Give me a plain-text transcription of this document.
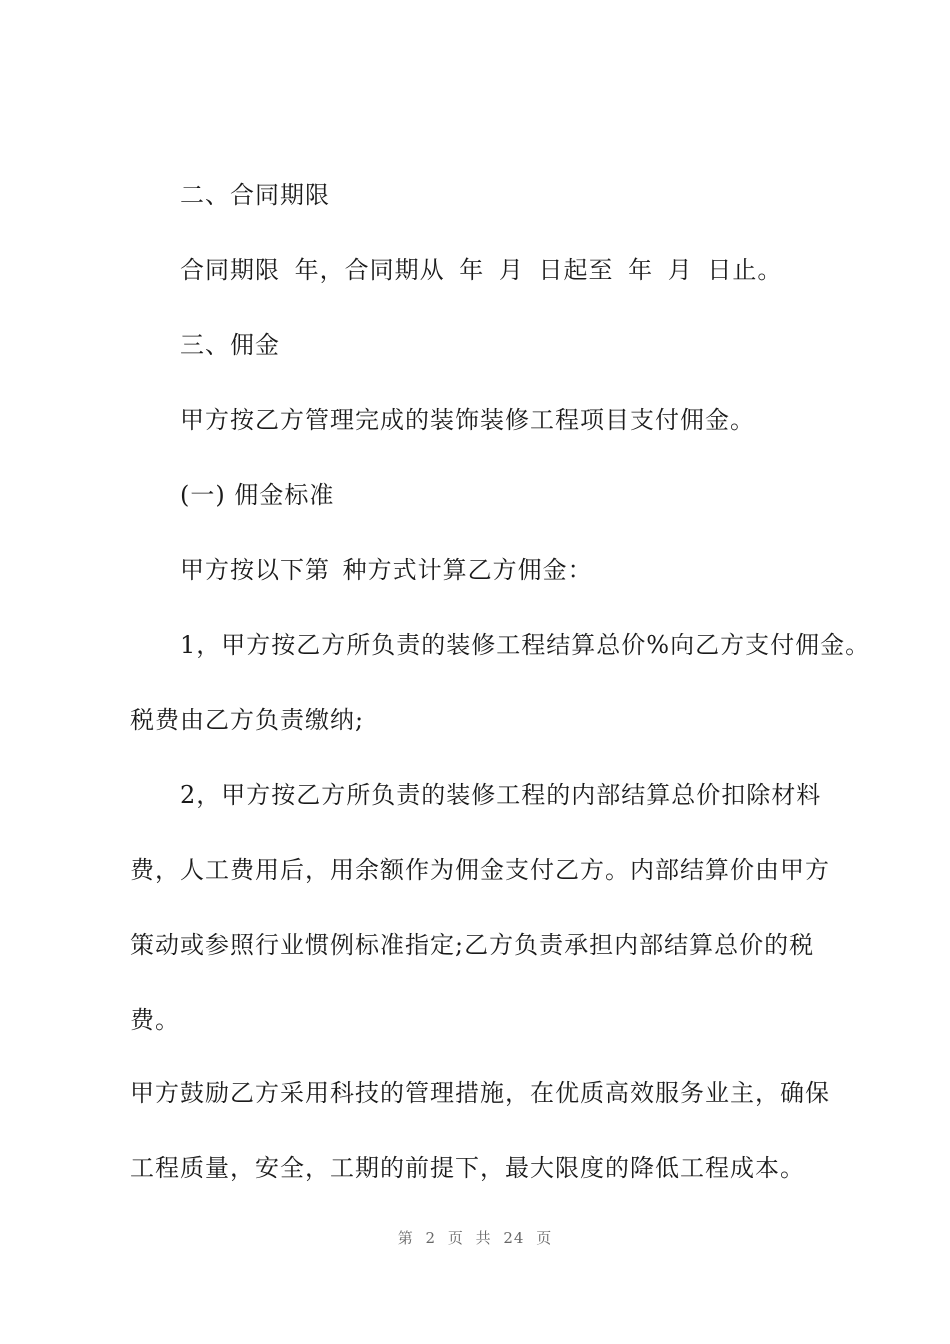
二、合同期限
合同期限 年，合同期从 年 月 日起至 年 月 日止。
三、佣金
甲方按乙方管理完成的装饰装修工程项目支付佣金。
(一) 佣金标准
甲方按以下第 种方式计算乙方佣金：
1，甲方按乙方所负责的装修工程结算总价%向乙方支付佣金。
税费由乙方负责缴纳;
2，甲方按乙方所负责的装修工程的内部结算总价扣除材料
费，人工费用后，用余额作为佣金支付乙方。内部结算价由甲方
策动或参照行业惯例标准指定;乙方负责承担内部结算总价的税
费。
甲方鼓励乙方采用科技的管理措施，在优质高效服务业主，确保
工程质量，安全，工期的前提下，最大限度的降低工程成本。
第 2 页 共 24 页
